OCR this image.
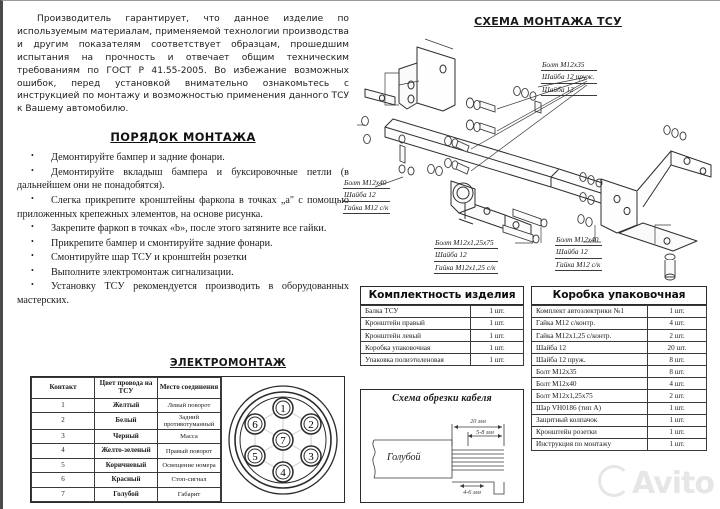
Производитель гарантирует, что данное изделие по используемым материалам, применяемой технологии производства и другим показателям соответствует образцам, прошедшим испытания на прочность и отвечает общим техническим требованиям по ГОСТ Р 41.55-2005. Во избежание возможных ошибок, перед установкой внимательно ознакомьтесь с инструкцией по монтажу и возможностью применения данного ТСУ к Вашему автомобилю.

ПОРЯДОК МОНТАЖА
• Демонтируйте бампер и задние фонари.
• Демонтируйте вкладыш бампера и буксировочные петли (в дальнейшем они не понадобятся).
• Слегка прикрепите кронштейны фаркопа в точках „a" с помощью приложенных крепежных элементов, на основе рисунка.
• Закрепите фаркоп в точках «b», после этого затяните все гайки.
• Прикрепите бампер и смонтируйте задние фонари.
• Смонтируйте шар ТСУ и кронштейн розетки
• Выполните электромонтаж сигнализации.
• Установку ТСУ рекомендуется производить в оборудованных мастерских.
ЭЛЕКТРОМОНТАЖ
Контакт	Цвет провода на ТСУ	Место соединения
1	Желтый	Левый поворот
2	Белый	Задний противотуманный
3	Черный	Масса
4	Желто-зеленый	Правый поворот
5	Коричневый	Освещение номера
6	Красный	Стоп-сигнал
7	Голубой	Габарит
1
2
3
4
5
6
7
СХЕМА МОНТАЖА ТСУ
Болт М12х35
Шайба 12 пруж.
Шайба 12
Болт М12х40
Шайба 12
Гайка М12 с/к
Болт М12х1,25х75
Шайба 12
Гайка М12х1,25 с/к
Болт М12х40
Шайба 12
Гайка М12 с/к
Комплектность изделия
Балка ТСУ	1 шт.
Кронштейн правый	1 шт.
Кронштейн левый	1 шт.
Коробка упаковочная	1 шт.
Упаковка полиэтиленовая	1 шт.
Коробка упаковочная
Комплект автоэлектрики №1	1 шт.
Гайка М12 с/контр.	4 шт.
Гайка М12х1,25 с/контр.	2 шт.
Шайба 12	20 шт.
Шайба 12 пруж.	8 шт.
Болт М12х35	8 шт.
Болт М12х40	4 шт.
Болт М12х1,25х75	2 шт.
Шар VH0186 (тип А)	1 шт.
Защитный колпачок	1 шт.
Кронштейн розетки	1 шт.
Инструкция по монтажу	1 шт.
Схема обрезки кабеля
20 мм
5-8 мм
4-6 мм
Голубой
Avito
